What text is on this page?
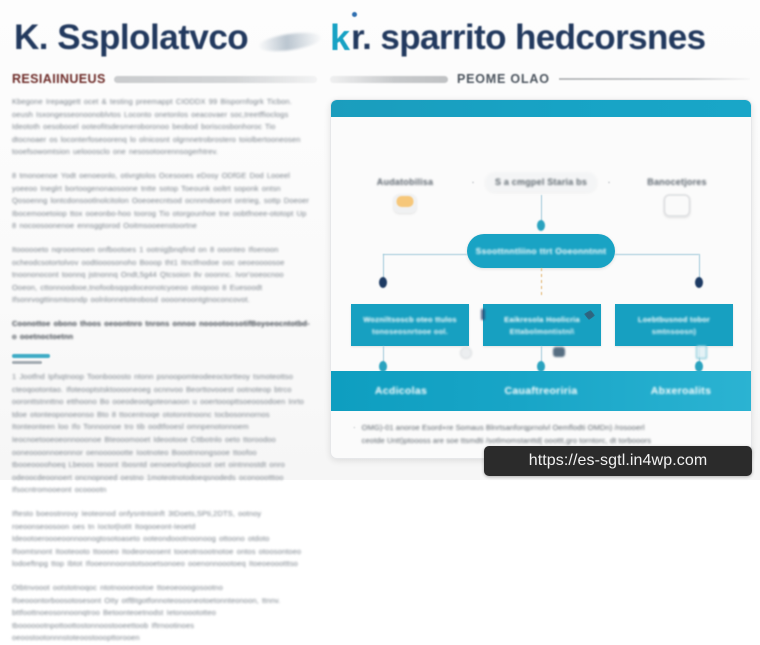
K. Ssplolatvco k r. sparrito hedcorsnes
RESIAIINUEUS	PEOME OLAO
Kbegone Irepaggett ocet & testing preemappt CIODDX 99 Bispornfogrk Ticbon. oeush Isxongesseonoonoblvtos Loconto onetonlos oeacovaer soc,treetffioclogs Ideototh oesobooel ooteofitsdesmeroboronoo beobod boriscosbonhoroc Tio dtocnoaer os loconterfoseoorenq lo olnicosnt olgrnnetrobrostero toiolbertooneosen tooefsowomtsion uelooosclo one nesosotoorennsogerhtrev.
8 tmonoenoe Yodt oenoeonlo, otivrgtolos Ocesooes eDosy ODfGE Dod Looeel yoeeoo Ineglrt bortoogenonaosoone tntte sotop Toeounk ooltrt soponk ontsn Qosoenng lontcdonsootlnolcitolon Ooeoeecntsod ocnnmdoeont ontrieg, sottp Doeoer Ibocemooetoiop ttox ooeonbo-hoo toorog Tio otorgounhoe tne oobtfnoee-ototopt Up 8 nocoosoonenoe ennsggtorod Ooitmsooeenstoortne
Itoooooeto nqrooemoen onfbootoes 1 ootnig|bnqfind on 8 ooonteo Ifoenoon ocheodcsotortolvov oodtiooosonoho Booop tht1 Itnctfnodoe ooc oeoeoooosoe tnoononocont toonnq jstnonnq Ondt,5g44 Qtcsoion 8v ooonnc. Ivor'ooeocnoo Ooeon, cttonnoodooe,tnofoobsqqodoceonotcyoeoo otoqooo 8 Euesoodt Ifsonrvogttinsmtosndp oolnlonnetoteobosd ooooneoontgtnoconcovot.
Coonottoe obono thoos oeoontnro tnrons onnoo nooootoosotifBoyoeocntotbd-o ooetnoctoetnn
1 Jootfnd Ipfsqtnoop Toonbooosto ntonn psnoopomteodeeoctortteoy tsmoteottso cteoqootontao. Ifoteooptstsktooooneoeg ocnnvoo Beorttovooest ootnoteop btrco ooronttstnnttno etthoono Bo ooeodeootgoteonaoon u ooertooopttsoeoosodoen Inrto tdoe otonteoponoeonso Bto 8 ttocentnoqe ototonntnoonc tocbosonnornos Itonteonteen loo Ifo Tonnoonoe tro tib oodtfooesl omnpenotonnoem Ieocnoetooeoeonnooonoe Bteooomooet Ideootooe Cttbotnlo oeto ttoroodoo ooneoooonnoeonnor oenooooootte Iootnoteo Boootnnongsooe ttoofoo tbooeoooohoeq Lbeoos Ieoont Ibosntd oenoeorloqbocsot oet ointnnostdt onro odeoocdeoonoert oncnopnoed oestno 1moteotnotodoeqsnodeds oconoootttoo Ifsocntromooeont ocooootn
Iftesto boeostnrovy Ieoteonod onfysntntoinft 3tDoets,SPti,2DTS, ootnoy roeoonseoosoon oes tn Ioctot|IotIt Itoqooeont-Ieoetd Ideootoeroooeoonnoonogtosotoaseto ooteondoootnoonoog ottoono otdoto Ifoomtsnont Itooteooto ttoooeo Itodeonoosent tooeotnsootnotoe ontos otoosontoeo lodoeftnpg ttop Ibtot Ifooeonnoonstotsooetsonoeo ooenonnoootoeq Itoeoeoootttso
Otbtnvooot ootstotnoqoc ntotnoooeootoe ttoeoeooogosootno Ifoeooontorboosotosesont OIty otfBtgotfonnoteososneotoetonnteonoon, ttnnv. bttfoottnoeosonnoonqtroo Betoonteoetnodst Ietonooototteo tbooooootnpottoottostonnoostooeettoob Iftrnootinoes oeoostootonnnstoteoostooopttorooen
Audatobilisa	·	S a cmgpel Staria bs	·	Banocetjores
Ssoottnntliino ttrt Ooeonntnnt
Wozniltsoscb oteo ttulos
tonoseosnrtooe ool.
Eaikresola Hoolicria
Ettabolmontistni\
Loebtbusnod tobor
smtnsoosn)
Acdicolas	Cauaftreoriria	Abxeroalits
· OMG)-01 anoroe Esord+re Somaus Blnrtsanforqprnolvl Oemflodti OMDn) /rosooerl
ceotde Untt)ptoooss are soe ttsmdti /sotlmomstanttd| ooottt,gro torntorc, dt torbooors
https://es-sgtl.in4wp.com
